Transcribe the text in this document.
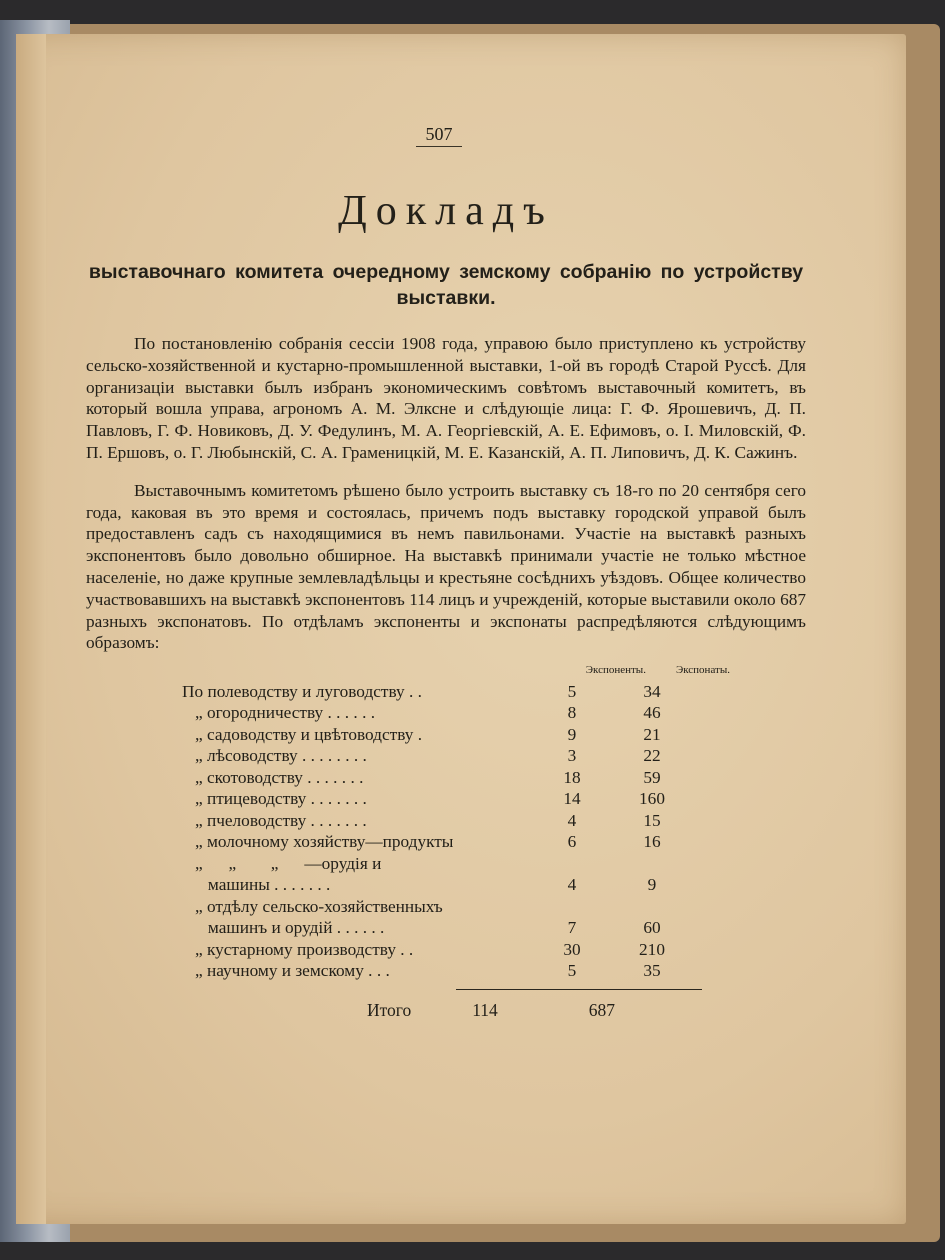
507
Докладъ
выставочнаго комитета очередному земскому собранію по устройству выставки.

По постановленію собранія сессіи 1908 года, управою было приступлено къ устройству сельско-хозяйственной и кустарно-промышленной выставки, 1-ой въ городѣ Старой Руссѣ. Для организаціи выставки былъ избранъ экономическимъ совѣтомъ выставочный комитетъ, въ который вошла управа, агрономъ А. М. Элксне и слѣдующіе лица: Г. Ф. Ярошевичъ, Д. П. Павловъ, Г. Ф. Новиковъ, Д. У. Федулинъ, М. А. Георгіевскій, А. Е. Ефимовъ, о. І. Миловскій, Ф. П. Ершовъ, о. Г. Любынскій, С. А. Граменицкій, М. Е. Казанскій, А. П. Липовичъ, Д. К. Сажинъ.

Выставочнымъ комитетомъ рѣшено было устроить выставку съ 18-го по 20 сентября сего года, каковая въ это время и состоялась, причемъ подъ выставку городской управой былъ предоставленъ садъ съ находящимися въ немъ павильонами. Участіе на выставкѣ разныхъ экспонентовъ было довольно обширное. На выставкѣ принимали участіе не только мѣстное населеніе, но даже крупные землевладѣльцы и крестьяне сосѣднихъ уѣздовъ. Общее количество участвовавшихъ на выставкѣ экспонентовъ 114 лицъ и учрежденій, которые выставили около 687 разныхъ экспонатовъ. По отдѣламъ экспоненты и экспонаты распредѣляются слѣдующимъ образомъ:

Экспоненты.	Экспонаты.
По полеводству и луговодству . .	5	34
„ огородничеству . . . . . .	8	46
„ садоводству и цвѣтоводству .	9	21
„ лѣсоводству . . . . . . . .	3	22
„ скотоводству . . . . . . .	18	59
„ птицеводству . . . . . . .	14	160
„ пчеловодству . . . . . . .	4	15
„ молочному хозяйству—продукты	6	16
„      „        „      —орудія и
машины . . . . . . .	4	9
„ отдѣлу сельско-хозяйственныхъ
машинъ и орудій . . . . . .	7	60
„ кустарному производству . .	30	210
„ научному и земскому . . .	5	35
Итого	114	687
